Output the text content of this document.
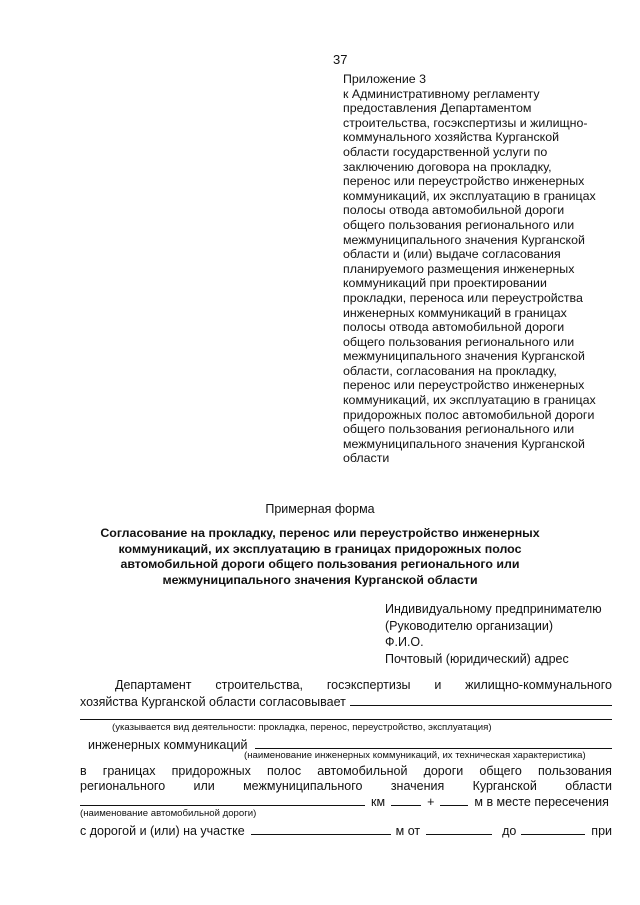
37
Приложение 3
к Административному регламенту
предоставления Департаментом
строительства, госэкспертизы и жилищно-
коммунального хозяйства Курганской
области государственной услуги по
заключению договора на прокладку,
перенос или переустройство инженерных
коммуникаций, их эксплуатацию в границах
полосы отвода автомобильной дороги
общего пользования регионального или
межмуниципального значения Курганской
области и (или) выдаче согласования
планируемого размещения инженерных
коммуникаций при проектировании
прокладки, переноса или переустройства
инженерных коммуникаций в границах
полосы отвода автомобильной дороги
общего пользования регионального или
межмуниципального значения Курганской
области, согласования на прокладку,
перенос или переустройство инженерных
коммуникаций, их эксплуатацию в границах
придорожных полос автомобильной дороги
общего пользования регионального или
межмуниципального значения Курганской
области
Примерная форма
Согласование на прокладку, перенос или переустройство инженерных
коммуникаций, их эксплуатацию в границах придорожных полос
автомобильной дороги общего пользования регионального или
межмуниципального значения Курганской области
Индивидуальному предпринимателю
(Руководителю организации)
Ф.И.О.
Почтовый (юридический) адрес
Департамент строительства, госэкспертизы и жилищно-коммунального
хозяйства Курганской области согласовывает
(указывается вид деятельности: прокладка, перенос, переустройство, эксплуатация)
инженерных коммуникаций
(наименование инженерных коммуникаций, их техническая характеристика)
в границах придорожных полос автомобильной дороги общего пользования
регионального или межмуниципального значения Курганской области
км	+	м в месте пересечения
(наименование автомобильной дороги)
с дорогой и (или) на участке	м от	до	при
